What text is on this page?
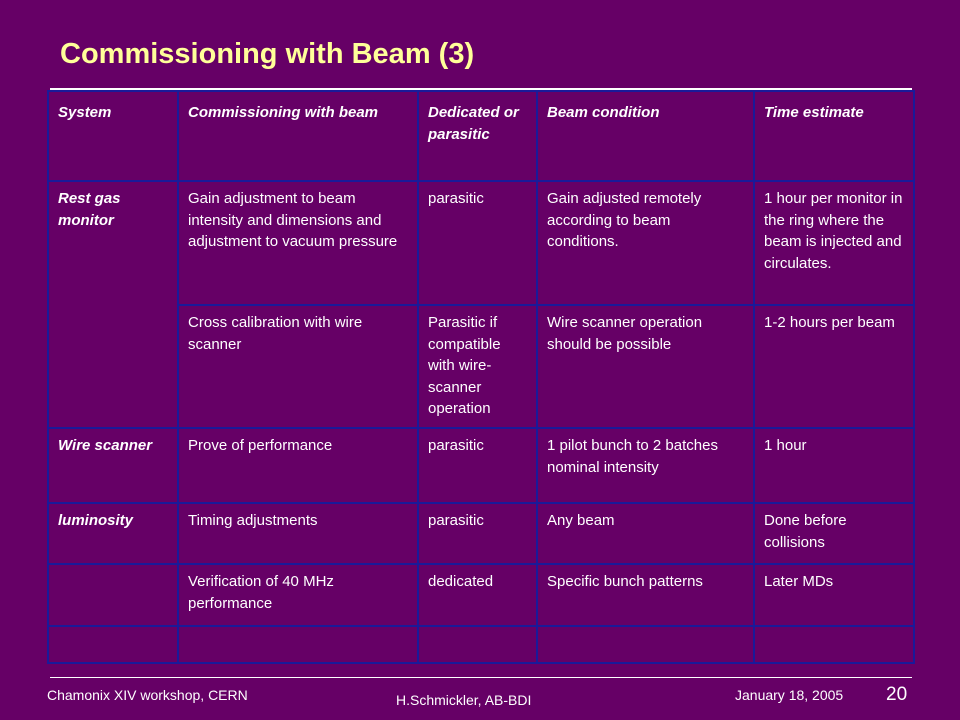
Commissioning with Beam (3)
System	Commissioning with beam	Dedicated or parasitic	Beam condition	Time estimate
Rest gas monitor	Gain adjustment to beam intensity and dimensions and adjustment to vacuum pressure	parasitic	Gain adjusted remotely according to beam conditions.	1 hour per monitor in the ring where the beam is injected and circulates.
	Cross calibration with wire scanner	Parasitic if compatible with wire-scanner operation	Wire scanner operation should be possible	1-2 hours per beam
Wire scanner	Prove of performance	parasitic	1 pilot bunch to 2 batches nominal intensity	1 hour
luminosity	Timing adjustments	parasitic	Any beam	Done before collisions
	Verification of 40 MHz performance	dedicated	Specific bunch patterns	Later MDs

Chamonix XIV workshop, CERN	H.Schmickler, AB-BDI	January 18, 2005 20
